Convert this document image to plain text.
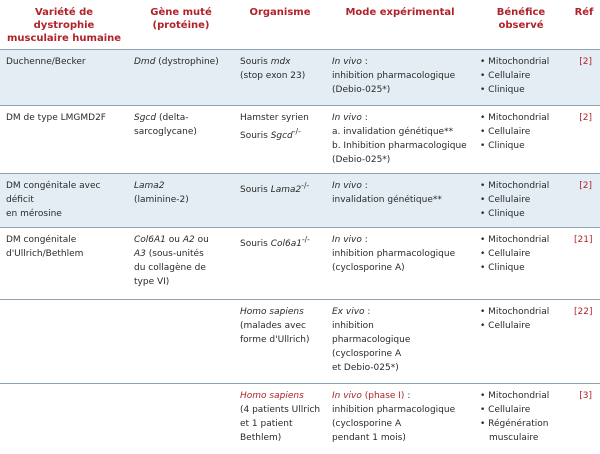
Variété de dystrophie musculaire humaine	Gène muté (protéine)	Organisme	Mode expérimental	Bénéfice observé	Réf
Duchenne/Becker	Dmd (dystrophine)	Souris mdx
(stop exon 23)	In vivo :
inhibition pharmacologique
(Debio-025*)	• Mitochondrial
• Cellulaire
• Clinique	[2]
DM de type LMGMD2F	Sgcd (delta-
sarcoglycane)	Hamster syrien
Souris Sgcd-/-	In vivo :
a. invalidation génétique**
b. Inhibition pharmacologique
(Debio-025*)	• Mitochondrial
• Cellulaire
• Clinique	[2]

DM congénitale avec déficit
en mérosine	Lama2
(laminine-2)	Souris Lama2-/-	In vivo :
invalidation génétique**	• Mitochondrial
• Cellulaire
• Clinique	[2]

DM congénitale
d'Ullrich/Bethlem	Col6A1 ou A2 ou
A3 (sous-unités
du collagène de
type VI)	Souris Col6a1-/-	In vivo :
inhibition pharmacologique
(cyclosporine A)	• Mitochondrial
• Cellulaire
• Clinique	[21]

		Homo sapiens
(malades avec
forme d'Ullrich)	Ex vivo :
inhibition
pharmacologique
(cyclosporine A
et Debio-025*)	• Mitochondrial
• Cellulaire	[22]

		Homo sapiens
(4 patients Ullrich
et 1 patient
Bethlem)	In vivo (phase I) :
inhibition pharmacologique
(cyclosporine A
pendant 1 mois)	• Mitochondrial
• Cellulaire
• Régénération
musculaire	[3]
